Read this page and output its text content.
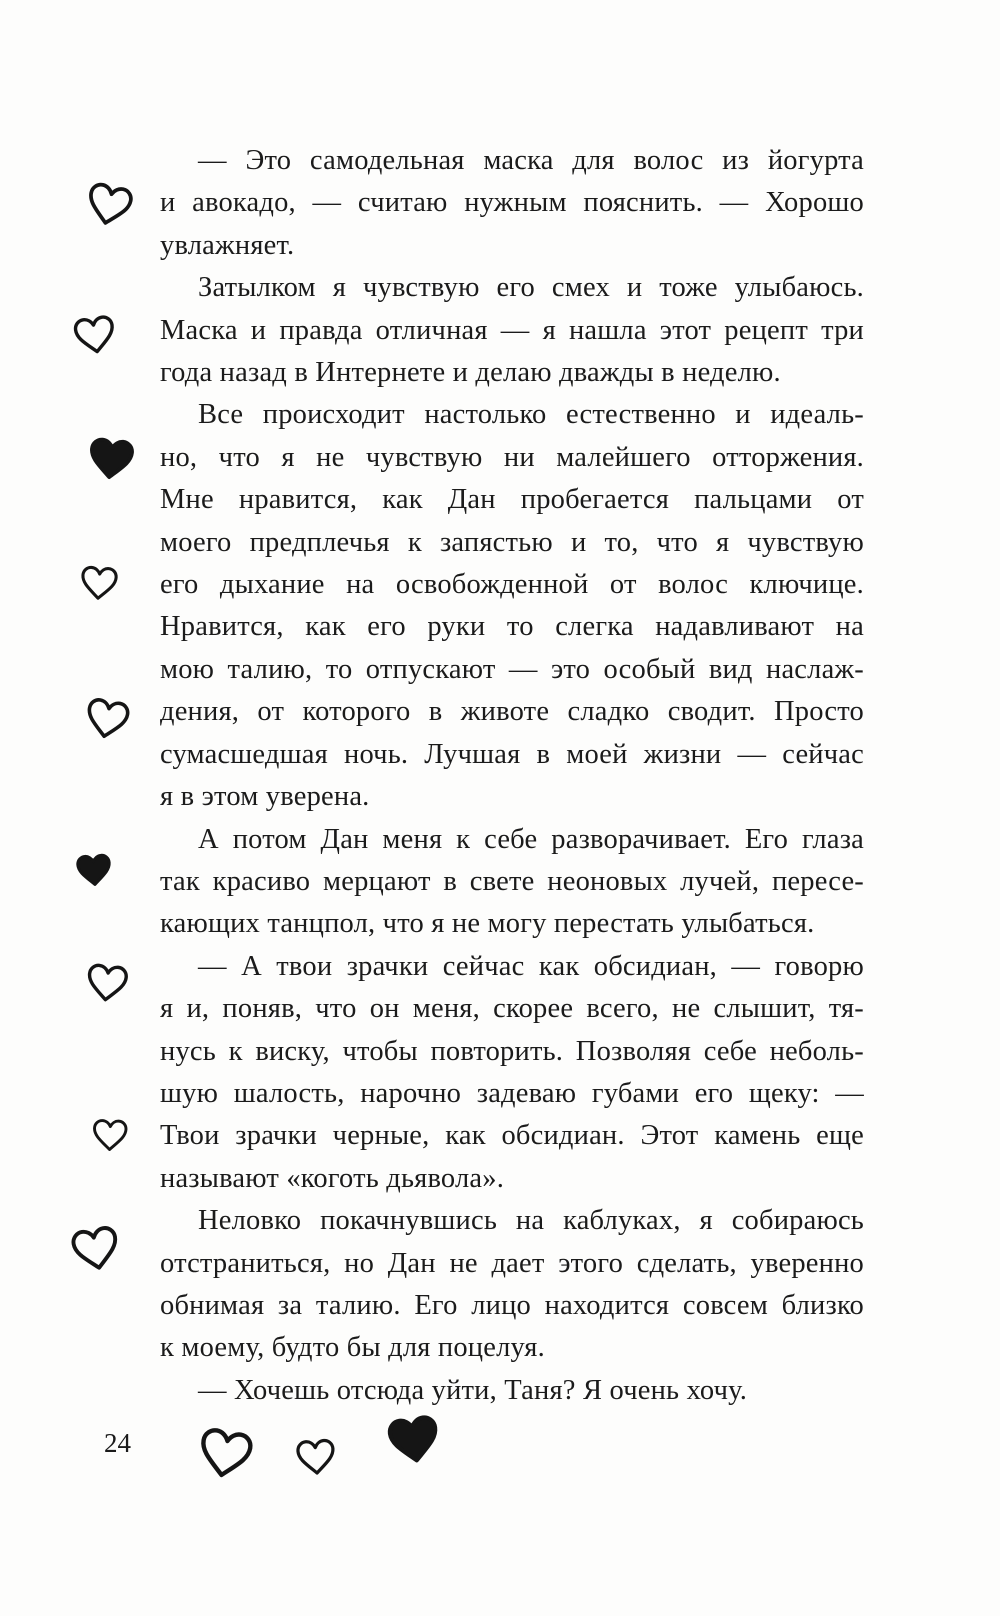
— Это самодельная маска для волос из йогурта
и авокадо, — считаю нужным пояснить. — Хорошо
увлажняет.
Затылком я чувствую его смех и тоже улыбаюсь.
Маска и правда отличная — я нашла этот рецепт три
года назад в Интернете и делаю дважды в неделю.
Все происходит настолько естественно и идеаль-
но, что я не чувствую ни малейшего отторжения.
Мне нравится, как Дан пробегается пальцами от
моего предплечья к запястью и то, что я чувствую
его дыхание на освобожденной от волос ключице.
Нравится, как его руки то слегка надавливают на
мою талию, то отпускают — это особый вид наслаж-
дения, от которого в животе сладко сводит. Просто
сумасшедшая ночь. Лучшая в моей жизни — сейчас
я в этом уверена.
А потом Дан меня к себе разворачивает. Его глаза
так красиво мерцают в свете неоновых лучей, пересе-
кающих танцпол, что я не могу перестать улыбаться.
— А твои зрачки сейчас как обсидиан, — говорю
я и, поняв, что он меня, скорее всего, не слышит, тя-
нусь к виску, чтобы повторить. Позволяя себе неболь-
шую шалость, нарочно задеваю губами его щеку: —
Твои зрачки черные, как обсидиан. Этот камень еще
называют «коготь дьявола».
Неловко покачнувшись на каблуках, я собираюсь
отстраниться, но Дан не дает этого сделать, уверенно
обнимая за талию. Его лицо находится совсем близко
к моему, будто бы для поцелуя.
— Хочешь отсюда уйти, Таня? Я очень хочу.
24
